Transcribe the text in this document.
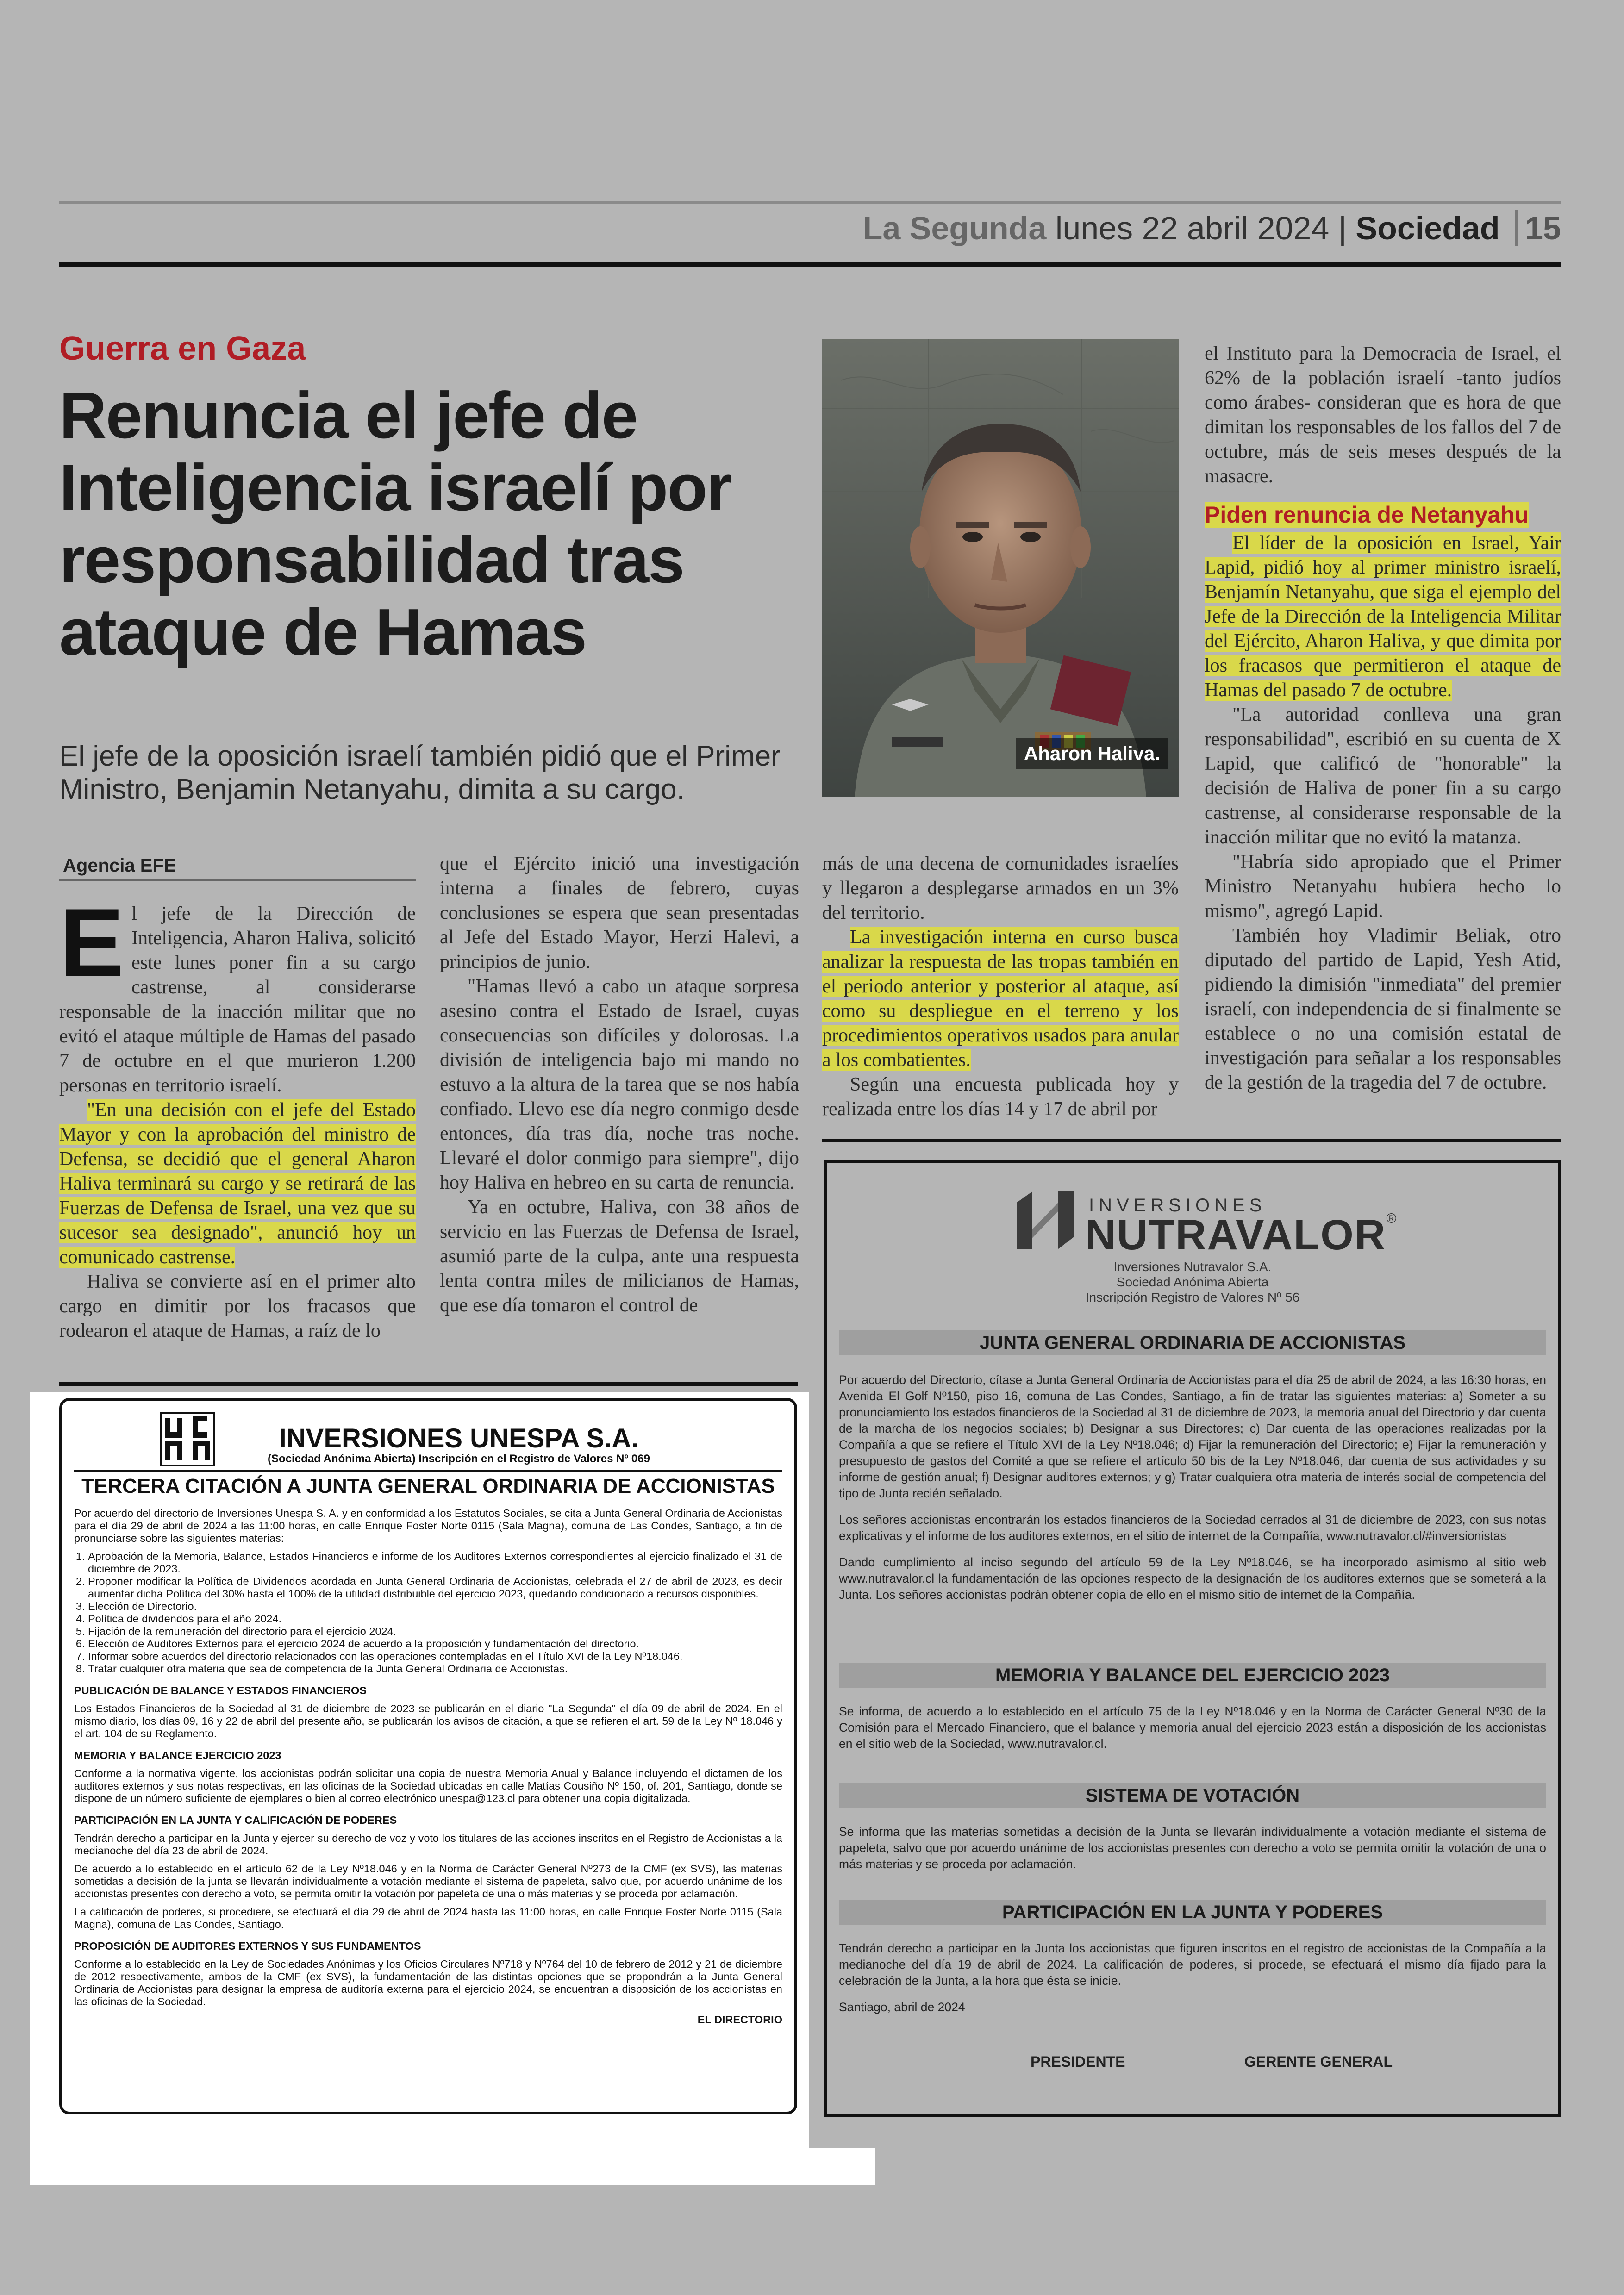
La Segunda lunes 22 abril 2024 | Sociedad 15
Guerra en Gaza
Renuncia el jefe de Inteligencia israelí por responsabilidad tras ataque de Hamas
El jefe de la oposición israelí también pidió que el Primer Ministro, Benjamin Netanyahu, dimita a su cargo.
Aharon Haliva.
Agencia EFE

El jefe de la Dirección de Inteligencia, Aharon Haliva, solicitó este lunes poner fin a su cargo castrense, al considerarse responsable de la inacción militar que no evitó el ataque múltiple de Hamas del pasado 7 de octubre en el que murieron 1.200 personas en territorio israelí.

"En una decisión con el jefe del Estado Mayor y con la aprobación del ministro de Defensa, se decidió que el general Aharon Haliva terminará su cargo y se retirará de las Fuerzas de Defensa de Israel, una vez que su sucesor sea designado", anunció hoy un comunicado castrense.

Haliva se convierte así en el primer alto cargo en dimitir por los fracasos que rodearon el ataque de Hamas, a raíz de lo

que el Ejército inició una investigación interna a finales de febrero, cuyas conclusiones se espera que sean presentadas al Jefe del Estado Mayor, Herzi Halevi, a principios de junio.

"Hamas llevó a cabo un ataque sorpresa asesino contra el Estado de Israel, cuyas consecuencias son difíciles y dolorosas. La división de inteligencia bajo mi mando no estuvo a la altura de la tarea que se nos había confiado. Llevo ese día negro conmigo desde entonces, día tras día, noche tras noche. Llevaré el dolor conmigo para siempre", dijo hoy Haliva en hebreo en su carta de renuncia.

Ya en octubre, Haliva, con 38 años de servicio en las Fuerzas de Defensa de Israel, asumió parte de la culpa, ante una respuesta lenta contra miles de milicianos de Hamas, que ese día tomaron el control de

más de una decena de comunidades israelíes y llegaron a desplegarse armados en un 3% del territorio.

La investigación interna en curso busca analizar la respuesta de las tropas también en el periodo anterior y posterior al ataque, así como su despliegue en el terreno y los procedimientos operativos usados para anular a los combatientes.

Según una encuesta publicada hoy y realizada entre los días 14 y 17 de abril por

el Instituto para la Democracia de Israel, el 62% de la población israelí -tanto judíos como árabes- consideran que es hora de que dimitan los responsables de los fallos del 7 de octubre, más de seis meses después de la masacre.

Piden renuncia de Netanyahu

El líder de la oposición en Israel, Yair Lapid, pidió hoy al primer ministro israelí, Benjamín Netanyahu, que siga el ejemplo del Jefe de la Dirección de la Inteligencia Militar del Ejército, Aharon Haliva, y que dimita por los fracasos que permitieron el ataque de Hamas del pasado 7 de octubre.

"La autoridad conlleva una gran responsabilidad", escribió en su cuenta de X Lapid, que calificó de "honorable" la decisión de Haliva de poner fin a su cargo castrense, al considerarse responsable de la inacción militar que no evitó la matanza.

"Habría sido apropiado que el Primer Ministro Netanyahu hubiera hecho lo mismo", agregó Lapid.

También hoy Vladimir Beliak, otro diputado del partido de Lapid, Yesh Atid, pidiendo la dimisión "inmediata" del premier israelí, con independencia de si finalmente se establece o no una comisión estatal de investigación para señalar a los responsables de la gestión de la tragedia del 7 de octubre.

INVERSIONES UNESPA S.A.
(Sociedad Anónima Abierta) Inscripción en el Registro de Valores Nº 069
TERCERA CITACIÓN A JUNTA GENERAL ORDINARIA DE ACCIONISTAS

Por acuerdo del directorio de Inversiones Unespa S. A. y en conformidad a los Estatutos Sociales, se cita a Junta General Ordinaria de Accionistas para el día 29 de abril de 2024 a las 11:00 horas, en calle Enrique Foster Norte 0115 (Sala Magna), comuna de Las Condes, Santiago, a fin de pronunciarse sobre las siguientes materias:

1. Aprobación de la Memoria, Balance, Estados Financieros e informe de los Auditores Externos correspondientes al ejercicio finalizado el 31 de diciembre de 2023.
2. Proponer modificar la Política de Dividendos acordada en Junta General Ordinaria de Accionistas, celebrada el 27 de abril de 2023, es decir aumentar dicha Política del 30% hasta el 100% de la utilidad distribuible del ejercicio 2023, quedando condicionado a recursos disponibles.
3. Elección de Directorio.
4. Política de dividendos para el año 2024.
5. Fijación de la remuneración del directorio para el ejercicio 2024.
6. Elección de Auditores Externos para el ejercicio 2024 de acuerdo a la proposición y fundamentación del directorio.
7. Informar sobre acuerdos del directorio relacionados con las operaciones contempladas en el Título XVI de la Ley Nº18.046.
8. Tratar cualquier otra materia que sea de competencia de la Junta General Ordinaria de Accionistas.

PUBLICACIÓN DE BALANCE Y ESTADOS FINANCIEROS

Los Estados Financieros de la Sociedad al 31 de diciembre de 2023 se publicarán en el diario "La Segunda" el día 09 de abril de 2024. En el mismo diario, los días 09, 16 y 22 de abril del presente año, se publicarán los avisos de citación, a que se refieren el art. 59 de la Ley Nº 18.046 y el art. 104 de su Reglamento.

MEMORIA Y BALANCE EJERCICIO 2023

Conforme a la normativa vigente, los accionistas podrán solicitar una copia de nuestra Memoria Anual y Balance incluyendo el dictamen de los auditores externos y sus notas respectivas, en las oficinas de la Sociedad ubicadas en calle Matías Cousiño Nº 150, of. 201, Santiago, donde se dispone de un número suficiente de ejemplares o bien al correo electrónico unespa@123.cl para obtener una copia digitalizada.

PARTICIPACIÓN EN LA JUNTA Y CALIFICACIÓN DE PODERES

Tendrán derecho a participar en la Junta y ejercer su derecho de voz y voto los titulares de las acciones inscritos en el Registro de Accionistas a la medianoche del día 23 de abril de 2024.

De acuerdo a lo establecido en el artículo 62 de la Ley Nº18.046 y en la Norma de Carácter General Nº273 de la CMF (ex SVS), las materias sometidas a decisión de la junta se llevarán individualmente a votación mediante el sistema de papeleta, salvo que, por acuerdo unánime de los accionistas presentes con derecho a voto, se permita omitir la votación por papeleta de una o más materias y se proceda por aclamación.

La calificación de poderes, si procediere, se efectuará el día 29 de abril de 2024 hasta las 11:00 horas, en calle Enrique Foster Norte 0115 (Sala Magna), comuna de Las Condes, Santiago.

PROPOSICIÓN DE AUDITORES EXTERNOS Y SUS FUNDAMENTOS

Conforme a lo establecido en la Ley de Sociedades Anónimas y los Oficios Circulares Nº718 y Nº764 del 10 de febrero de 2012 y 21 de diciembre de 2012 respectivamente, ambos de la CMF (ex SVS), la fundamentación de las distintas opciones que se propondrán a la Junta General Ordinaria de Accionistas para designar la empresa de auditoría externa para el ejercicio 2024, se encuentran a disposición de los accionistas en las oficinas de la Sociedad.

EL DIRECTORIO
INVERSIONES
NUTRAVALOR®
Inversiones Nutravalor S.A.
Sociedad Anónima Abierta
Inscripción Registro de Valores Nº 56
JUNTA GENERAL ORDINARIA DE ACCIONISTAS

Por acuerdo del Directorio, cítase a Junta General Ordinaria de Accionistas para el día 25 de abril de 2024, a las 16:30 horas, en Avenida El Golf Nº150, piso 16, comuna de Las Condes, Santiago, a fin de tratar las siguientes materias: a) Someter a su pronunciamiento los estados financieros de la Sociedad al 31 de diciembre de 2023, la memoria anual del Directorio y dar cuenta de la marcha de los negocios sociales; b) Designar a sus Directores; c) Dar cuenta de las operaciones realizadas por la Compañía a que se refiere el Título XVI de la Ley Nº18.046; d) Fijar la remuneración del Directorio; e) Fijar la remuneración y presupuesto de gastos del Comité a que se refiere el artículo 50 bis de la Ley Nº18.046, dar cuenta de sus actividades y su informe de gestión anual; f) Designar auditores externos; y g) Tratar cualquiera otra materia de interés social de competencia del tipo de Junta recién señalado.

Los señores accionistas encontrarán los estados financieros de la Sociedad cerrados al 31 de diciembre de 2023, con sus notas explicativas y el informe de los auditores externos, en el sitio de internet de la Compañía, www.nutravalor.cl/#inversionistas

Dando cumplimiento al inciso segundo del artículo 59 de la Ley Nº18.046, se ha incorporado asimismo al sitio web www.nutravalor.cl la fundamentación de las opciones respecto de la designación de los auditores externos que se someterá a la Junta. Los señores accionistas podrán obtener copia de ello en el mismo sitio de internet de la Compañía.

MEMORIA Y BALANCE DEL EJERCICIO 2023

Se informa, de acuerdo a lo establecido en el artículo 75 de la Ley Nº18.046 y en la Norma de Carácter General Nº30 de la Comisión para el Mercado Financiero, que el balance y memoria anual del ejercicio 2023 están a disposición de los accionistas en el sitio web de la Sociedad, www.nutravalor.cl.

SISTEMA DE VOTACIÓN

Se informa que las materias sometidas a decisión de la Junta se llevarán individualmente a votación mediante el sistema de papeleta, salvo que por acuerdo unánime de los accionistas presentes con derecho a voto se permita omitir la votación de una o más materias y se proceda por aclamación.

PARTICIPACIÓN EN LA JUNTA Y PODERES

Tendrán derecho a participar en la Junta los accionistas que figuren inscritos en el registro de accionistas de la Compañía a la medianoche del día 19 de abril de 2024. La calificación de poderes, si procede, se efectuará el mismo día fijado para la celebración de la Junta, a la hora que ésta se inicie.

Santiago, abril de 2024

PRESIDENTE	GERENTE GENERAL
